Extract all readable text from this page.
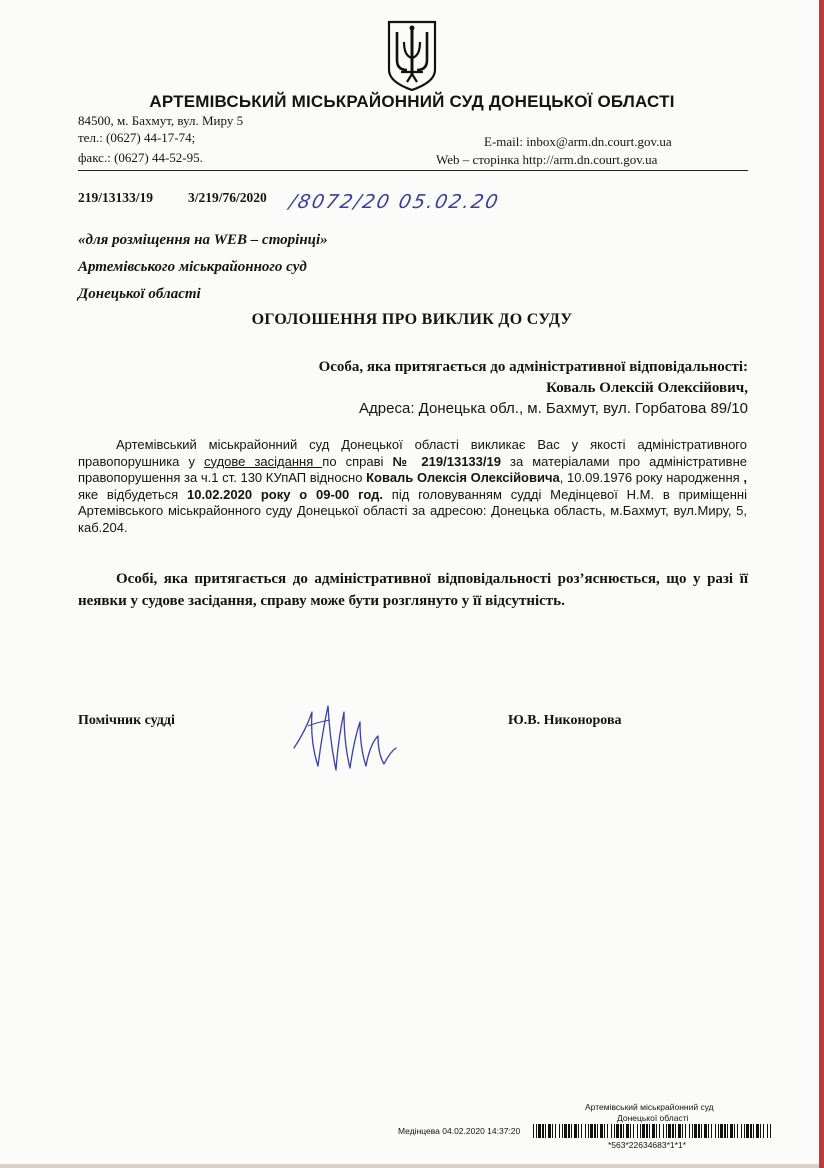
АРТЕМІВСЬКИЙ МІСЬКРАЙОННИЙ СУД ДОНЕЦЬКОЇ ОБЛАСТІ
84500, м. Бахмут, вул. Миру 5
тел.: (0627) 44-17-74;
факс.: (0627) 44-52-95.
E-mail: inbox@arm.dn.court.gov.ua
Web – сторінка http://arm.dn.court.gov.ua
219/13133/19	3/219/76/2020 /8072/20 05.02.20
«для розміщення на WEB – сторінці»
Артемівського міськрайонного суд
Донецької області
ОГОЛОШЕННЯ ПРО ВИКЛИК ДО СУДУ
Особа, яка притягається до адміністративної відповідальності:
Коваль Олексій Олексійович,
Адреса: Донецька обл., м. Бахмут, вул. Горбатова 89/10
Артемівський міськрайонний суд Донецької області викликає Вас у якості адміністративного правопорушника у судове засідання по справі № 219/13133/19 за матеріалами про адміністративне правопорушення за ч.1 ст. 130 КУпАП відносно Коваль Олексія Олексійовича, 10.09.1976 року народження , яке відбудеться 10.02.2020 року о 09-00 год. під головуванням судді Медінцевої Н.М. в приміщенні Артемівського міськрайонного суду Донецької області за адресою: Донецька область, м.Бахмут, вул.Миру, 5, каб.204.
Особі, яка притягається до адміністративної відповідальності роз’яснюється, що у разі її неявки у судове засідання, справу може бути розглянуто у її відсутність.
Помічник судді	Ю.В. Никонорова
Артемівський міськрайонний суд
Донецької області
Медінцева 04.02.2020 14:37:20
*563*22634683*1*1*
